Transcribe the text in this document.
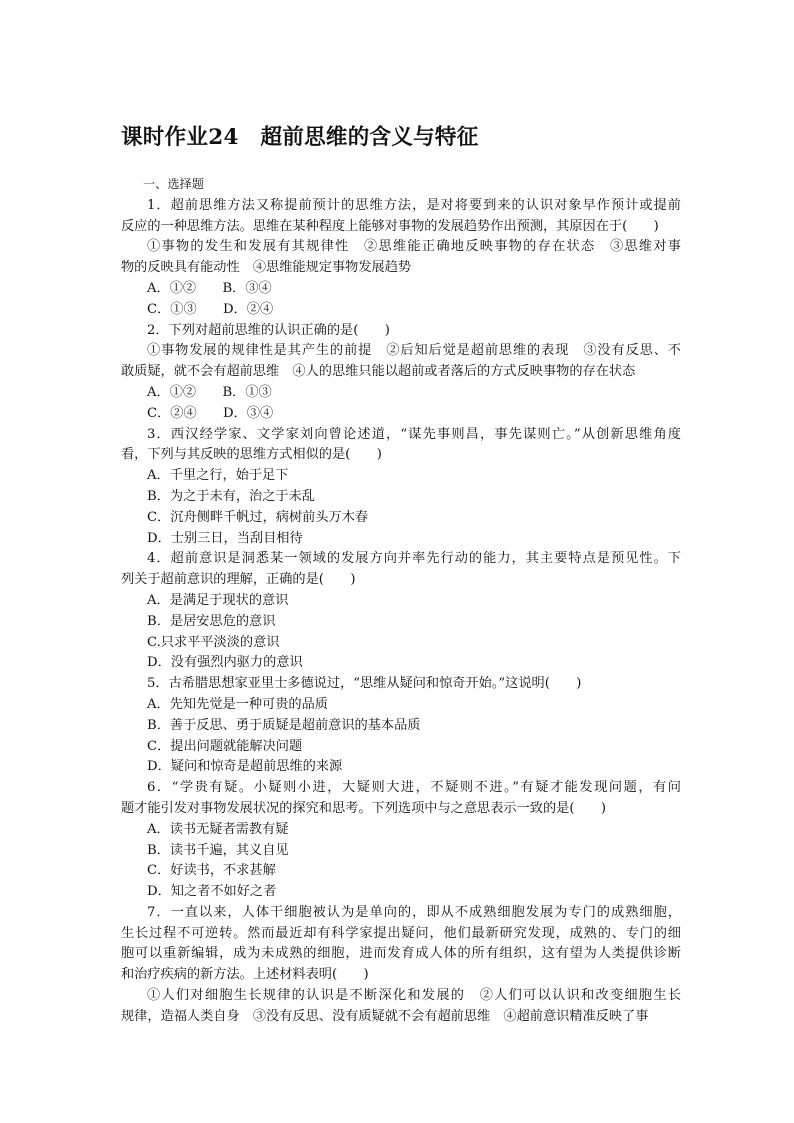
课时作业24　超前思维的含义与特征
一、选择题

1．超前思维方法又称提前预计的思维方法，是对将要到来的认识对象早作预计或提前

反应的一种思维方法。思维在某种程度上能够对事物的发展趋势作出预测，其原因在于(　　)

①事物的发生和发展有其规律性　②思维能正确地反映事物的存在状态　③思维对事

物的反映具有能动性　④思维能规定事物发展趋势

A．①②　　B．③④
C．①③　　D．②④

2．下列对超前思维的认识正确的是(　　)

①事物发展的规律性是其产生的前提　②后知后觉是超前思维的表现　③没有反思、不

敢质疑，就不会有超前思维　④人的思维只能以超前或者落后的方式反映事物的存在状态

A．①②　　B．①③
C．②④　　D．③④

3．西汉经学家、文学家刘向曾论述道，“谋先事则昌，事先谋则亡。”从创新思维角度

看，下列与其反映的思维方式相似的是(　　)

A．千里之行，始于足下
B．为之于未有，治之于未乱
C．沉舟侧畔千帆过，病树前头万木春
D．士别三日，当刮目相待

4．超前意识是洞悉某一领域的发展方向并率先行动的能力，其主要特点是预见性。下

列关于超前意识的理解，正确的是(　　)

A．是满足于现状的意识
B．是居安思危的意识
C.只求平平淡淡的意识
D．没有强烈内驱力的意识

5．古希腊思想家亚里士多德说过，“思维从疑问和惊奇开始。”这说明(　　)

A．先知先觉是一种可贵的品质
B．善于反思、勇于质疑是超前意识的基本品质
C．提出问题就能解决问题
D．疑问和惊奇是超前思维的来源

6．“学贵有疑。小疑则小进，大疑则大进，不疑则不进。”有疑才能发现问题，有问

题才能引发对事物发展状况的探究和思考。下列选项中与之意思表示一致的是(　　)

A．读书无疑者需教有疑
B．读书千遍，其义自见
C．好读书，不求甚解
D．知之者不如好之者

7．一直以来，人体干细胞被认为是单向的，即从不成熟细胞发展为专门的成熟细胞，

生长过程不可逆转。然而最近却有科学家提出疑问，他们最新研究发现，成熟的、专门的细

胞可以重新编辑，成为未成熟的细胞，进而发育成人体的所有组织，这有望为人类提供诊断

和治疗疾病的新方法。上述材料表明(　　)

①人们对细胞生长规律的认识是不断深化和发展的　②人们可以认识和改变细胞生长

规律，造福人类自身　③没有反思、没有质疑就不会有超前思维　④超前意识精准反映了事
